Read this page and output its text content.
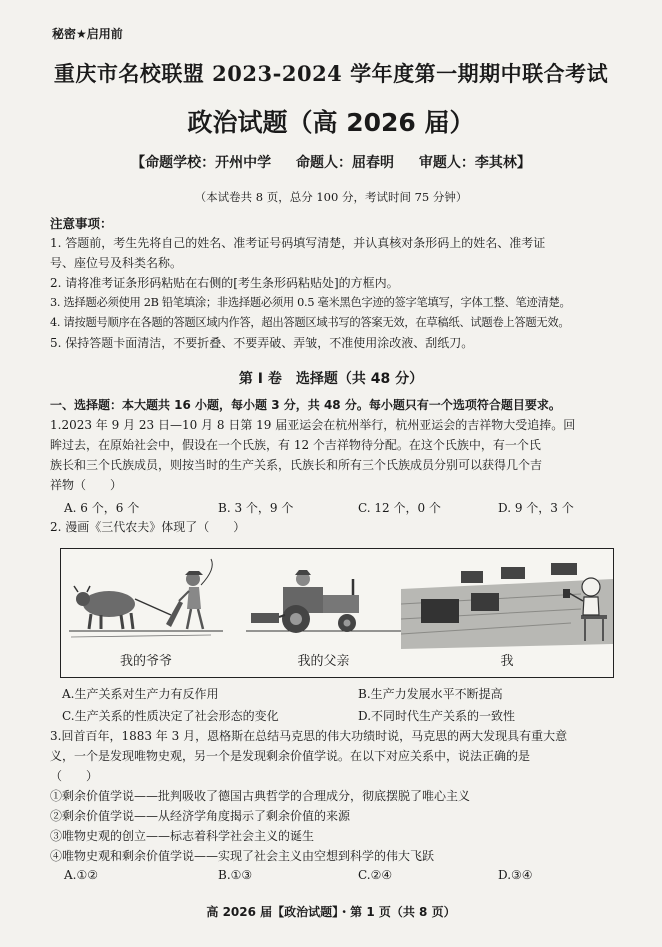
秘密★启用前
重庆市名校联盟 2023-2024 学年度第一期期中联合考试
政治试题（高 2026 届）
【命题学校：开州中学 命题人：屈春明 审题人：李其林】
（本试卷共 8 页，总分 100 分，考试时间 75 分钟）
注意事项：
1. 答题前，考生先将自己的姓名、准考证号码填写清楚，并认真核对条形码上的姓名、准考证
号、座位号及科类名称。
2. 请将准考证条形码粘贴在右侧的[考生条形码粘贴处]的方框内。
3. 选择题必须使用 2B 铅笔填涂；非选择题必须用 0.5 毫米黑色字迹的签字笔填写，字体工整、笔迹清楚。
4. 请按题号顺序在各题的答题区域内作答，超出答题区域书写的答案无效，在草稿纸、试题卷上答题无效。
5. 保持答题卡面清洁，不要折叠、不要弄破、弄皱，不准使用涂改液、刮纸刀。
第 I 卷　选择题（共 48 分）
一、选择题：本大题共 16 小题，每小题 3 分，共 48 分。每小题只有一个选项符合题目要求。
1.2023 年 9 月 23 日—10 月 8 日第 19 届亚运会在杭州举行，杭州亚运会的吉祥物大受追捧。回
眸过去，在原始社会中，假设在一个氏族，有 12 个吉祥物待分配。在这个氏族中，有一个氏
族长和三个氏族成员，则按当时的生产关系，氏族长和所有三个氏族成员分别可以获得几个吉
祥物（　　）
A. 6 个，6 个	B. 3 个，9 个	C. 12 个，0 个	D. 9 个，3 个
2. 漫画《三代农夫》体现了（　　）
我的爷爷	我的父亲	我
A.生产关系对生产力有反作用	B.生产力发展水平不断提高
C.生产关系的性质决定了社会形态的变化	D.不同时代生产关系的一致性
3.回首百年，1883 年 3 月，恩格斯在总结马克思的伟大功绩时说，马克思的两大发现具有重大意
义，一个是发现唯物史观，另一个是发现剩余价值学说。在以下对应关系中，说法正确的是
（　　）
①剩余价值学说——批判吸收了德国古典哲学的合理成分，彻底摆脱了唯心主义
②剩余价值学说——从经济学角度揭示了剩余价值的来源
③唯物史观的创立——标志着科学社会主义的诞生
④唯物史观和剩余价值学说——实现了社会主义由空想到科学的伟大飞跃
A.①②	B.①③	C.②④	D.③④
高 2026 届【政治试题】・第 1 页（共 8 页）
